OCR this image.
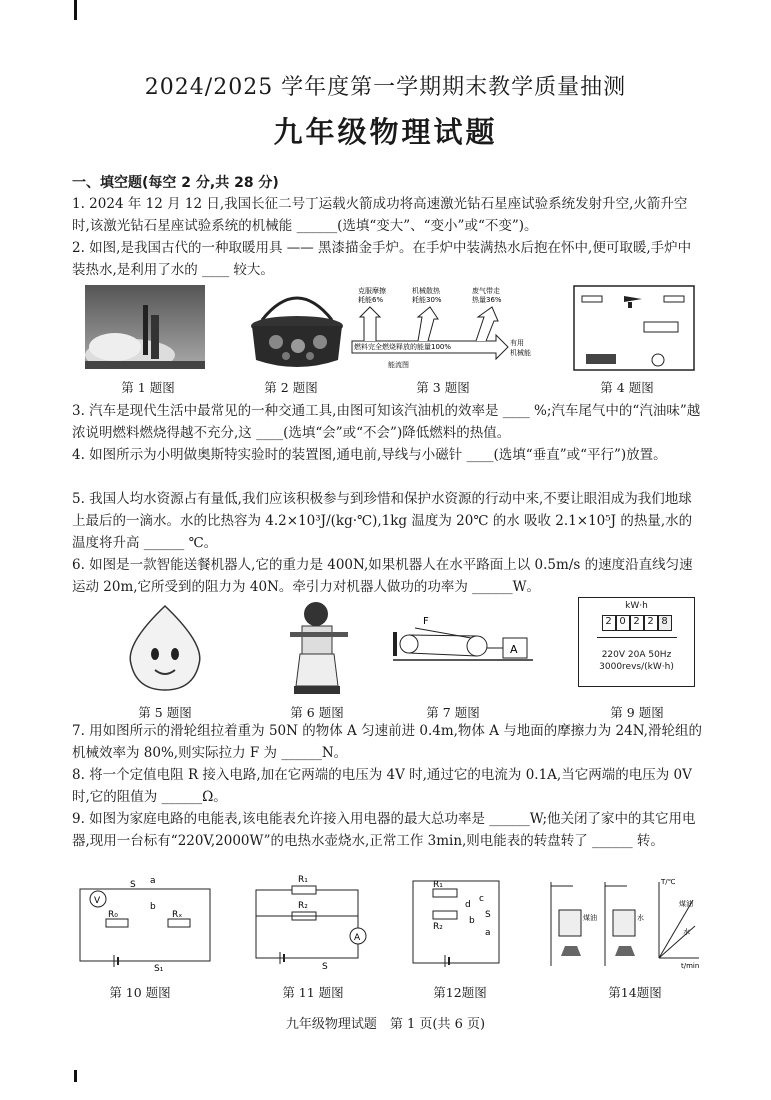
2024/2025 学年度第一学期期末教学质量抽测
九年级物理试题
一、填空题(每空 2 分,共 28 分)
1. 2024 年 12 月 12 日,我国长征二号丁运载火箭成功将高速激光钻石星座试验系统发射升空,火箭升空时,该激光钻石星座试验系统的机械能 ______(选填“变大”、“变小”或“不变”)。
2. 如图,是我国古代的一种取暖用具 —— 黑漆描金手炉。在手炉中装满热水后抱在怀中,便可取暖,手炉中装热水,是利用了水的 ____ 较大。
燃料完全燃烧释放的能量100%
能流图
有用
机械能
克服摩擦
耗能6%
机械散热
耗能30%
废气带走
热量36%
第 1 题图	第 2 题图	第 3 题图	第 4 题图
3. 汽车是现代生活中最常见的一种交通工具,由图可知该汽油机的效率是 ____ %;汽车尾气中的“汽油味”越浓说明燃料燃烧得越不充分,这 ____(选填“会”或“不会”)降低燃料的热值。
4. 如图所示为小明做奥斯特实验时的装置图,通电前,导线与小磁针 ____(选填“垂直”或“平行”)放置。
5. 我国人均水资源占有量低,我们应该积极参与到珍惜和保护水资源的行动中来,不要让眼泪成为我们地球上最后的一滴水。水的比热容为 4.2×10³J/(kg·℃),1kg 温度为 20℃ 的水 吸收 2.1×10⁵J 的热量,水的温度将升高 ______ ℃。
6. 如图是一款智能送餐机器人,它的重力是 400N,如果机器人在水平路面上以 0.5m/s 的速度沿直线匀速运动 20m,它所受到的阻力为 40N。牵引力对机器人做功的功率为 ______W。
F
A
kW·h
2 0 2 2 8
220V 20A 50Hz
3000revs/(kW·h)
第 5 题图	第 6 题图	第 7 题图	第 9 题图
7. 用如图所示的滑轮组拉着重为 50N 的物体 A 匀速前进 0.4m,物体 A 与地面的摩擦力为 24N,滑轮组的机械效率为 80%,则实际拉力 F 为 ______N。
8. 将一个定值电阻 R 接入电路,加在它两端的电压为 4V 时,通过它的电流为 0.1A,当它两端的电压为 0V 时,它的阻值为 ______Ω。
9. 如图为家庭电路的电能表,该电能表允许接入用电器的最大总功率是 ______W;他关闭了家中的其它用电器,现用一台标有“220V,2000W”的电热水壶烧水,正常工作 3min,则电能表的转盘转了 ______ 转。
V
S a
b
R₀	Rₓ
S₁
R₁
R₂
A
S
R₁
R₂
c
d
b
S
a
煤油	水
T/℃
t/min
煤油
水
第 10 题图	第 11 题图	第12题图	第14题图
九年级物理试题　第 1 页(共 6 页)
